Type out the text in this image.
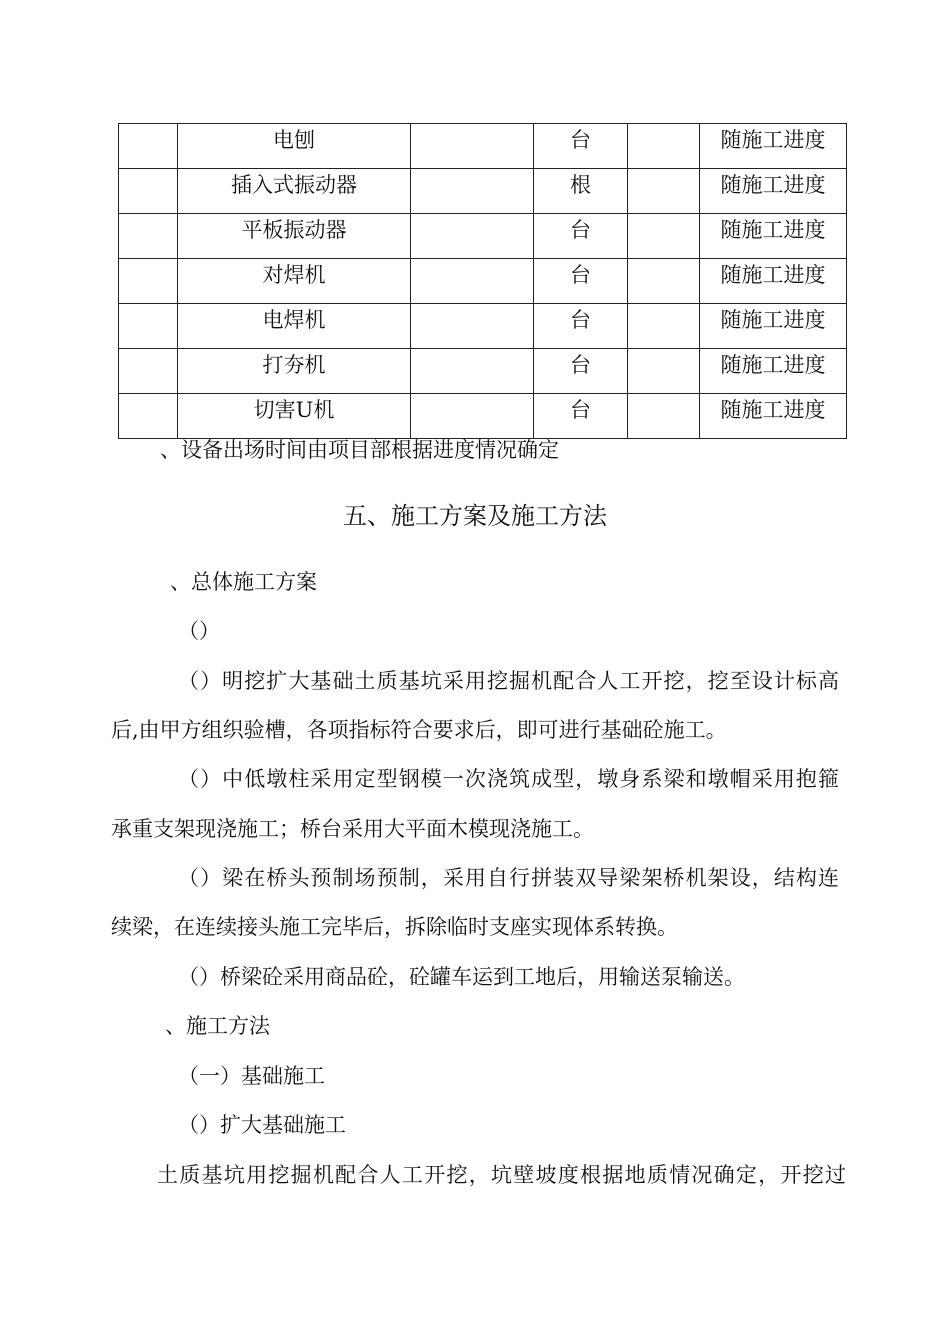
	电刨		台		随施工进度
	插入式振动器		根		随施工进度
	平板振动器		台		随施工进度
	对焊机		台		随施工进度
	电焊机		台		随施工进度
	打夯机		台		随施工进度
	切害U机		台		随施工进度
、设备出场时间由项目部根据进度情况确定
五、施工方案及施工方法
、总体施工方案
（）
（）明挖扩大基础土质基坑采用挖掘机配合人工开挖，挖至设计标高
后,由甲方组织验槽，各项指标符合要求后，即可进行基础砼施工。
（）中低墩柱采用定型钢模一次浇筑成型，墩身系梁和墩帽采用抱箍
承重支架现浇施工；桥台采用大平面木模现浇施工。
（）梁在桥头预制场预制，采用自行拼装双导梁架桥机架设，结构连
续梁，在连续接头施工完毕后，拆除临时支座实现体系转换。
（）桥梁砼采用商品砼，砼罐车运到工地后，用输送泵输送。
、施工方法
（一）基础施工
（）扩大基础施工
土质基坑用挖掘机配合人工开挖，坑壁坡度根据地质情况确定，开挖过
